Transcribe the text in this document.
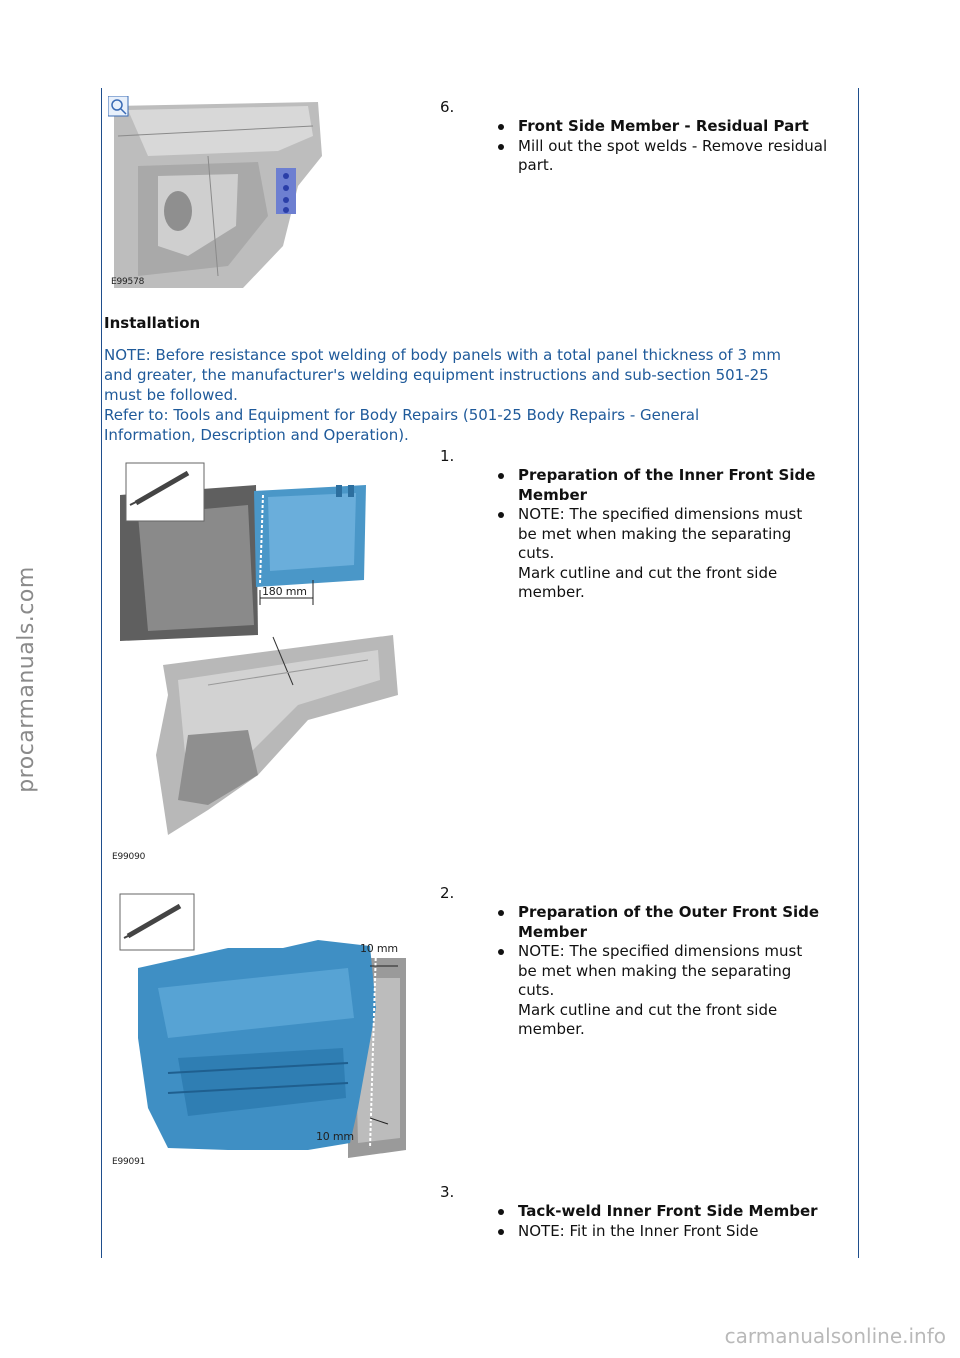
procarmanuals.com
E99578
6.
Front Side Member - Residual Part
Mill out the spot welds - Remove residual
part.
Installation
NOTE: Before resistance spot welding of body panels with a total panel thickness of 3 mm
and greater, the manufacturer's welding equipment instructions and sub-section 501-25
must be followed.
Refer to: Tools and Equipment for Body Repairs (501-25 Body Repairs - General
Information, Description and Operation).
E99090
180 mm
1.
Preparation of the Inner Front Side
Member
NOTE: The specified dimensions must
be met when making the separating
cuts.
Mark cutline and cut the front side
member.
E99091
10 mm
10 mm
2.
Preparation of the Outer Front Side
Member
NOTE: The specified dimensions must
be met when making the separating
cuts.
Mark cutline and cut the front side
member.
3.
Tack-weld Inner Front Side Member
NOTE: Fit in the Inner Front Side
carmanualsonline.info
